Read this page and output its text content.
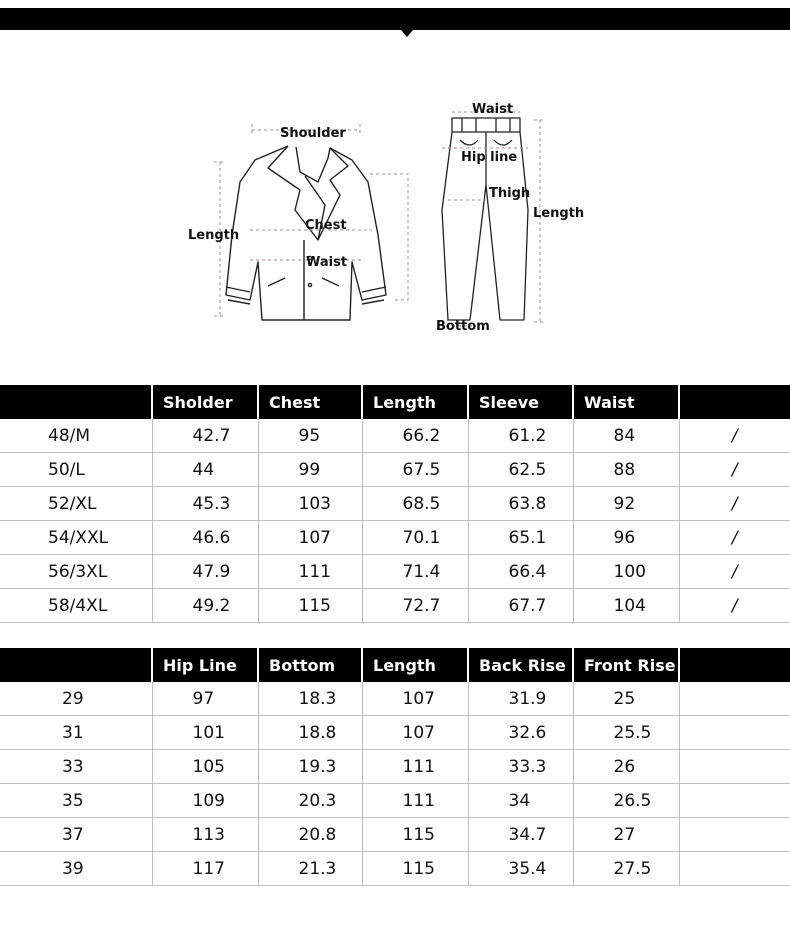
Shoulder
Length
Chest
Waist
Waist
Hip line
Thigh
Length
Bottom
	Sholder	Chest	Length	Sleeve	Waist	
48/M	42.7	95	66.2	61.2	84	/
50/L	44	99	67.5	62.5	88	/
52/XL	45.3	103	68.5	63.8	92	/
54/XXL	46.6	107	70.1	65.1	96	/
56/3XL	47.9	111	71.4	66.4	100	/
58/4XL	49.2	115	72.7	67.7	104	/
	Hip Line	Bottom	Length	Back Rise	Front Rise	
29	97	18.3	107	31.9	25	
31	101	18.8	107	32.6	25.5	
33	105	19.3	111	33.3	26	
35	109	20.3	111	34	26.5	
37	113	20.8	115	34.7	27	
39	117	21.3	115	35.4	27.5	
